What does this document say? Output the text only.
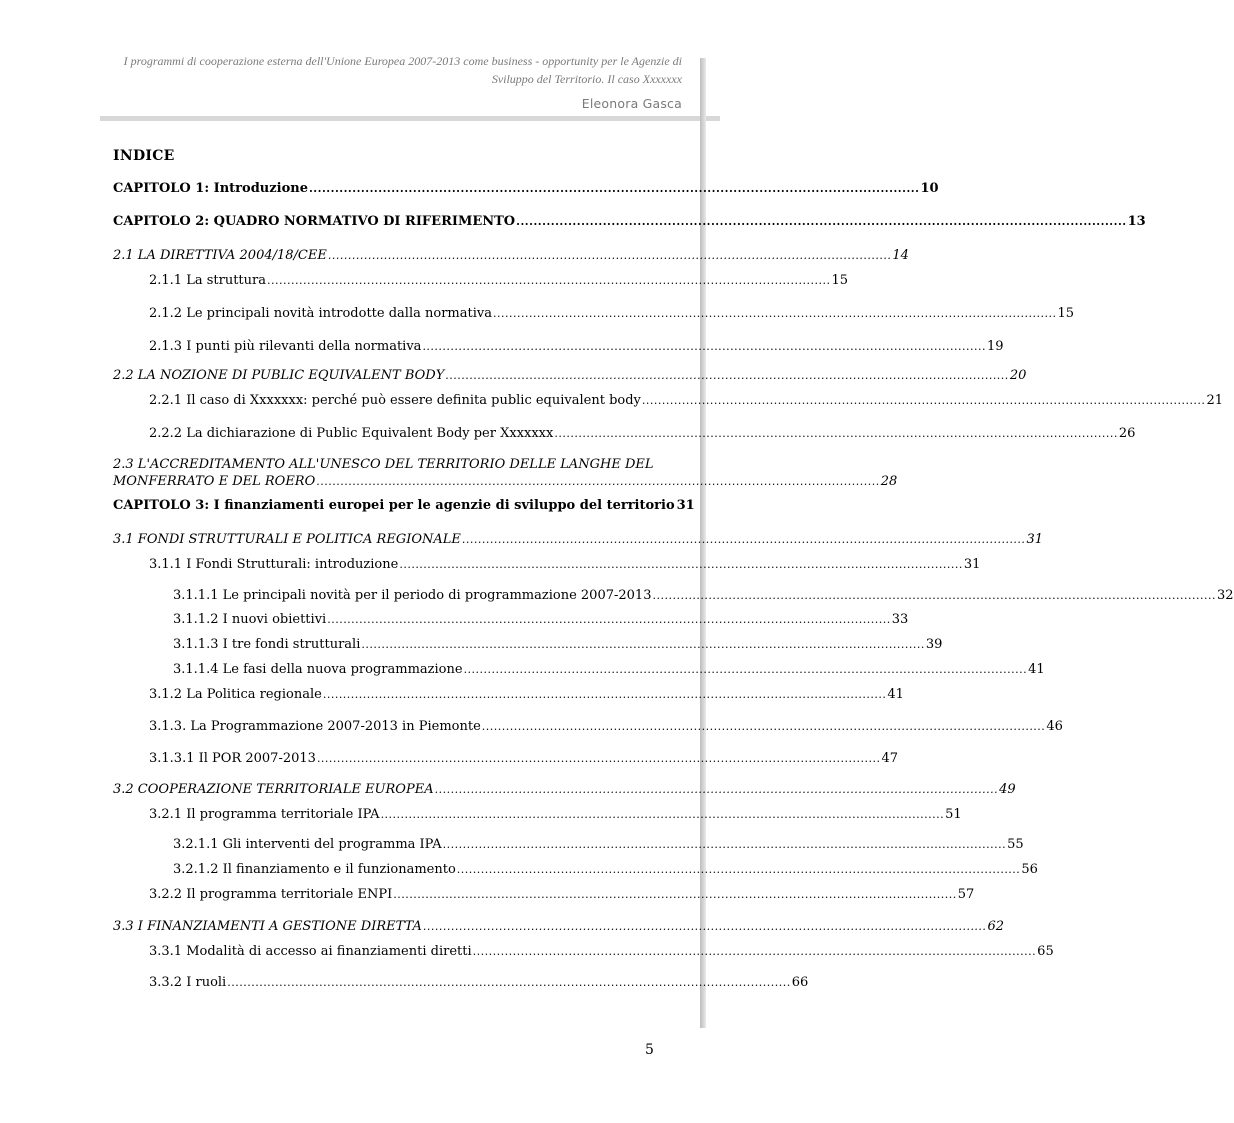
I programmi di cooperazione esterna dell'Unione Europea 2007-2013 come business - opportunity per le Agenzie di
Sviluppo del Territorio. Il caso Xxxxxxx
Eleonora Gasca
INDICE
CAPITOLO 1: Introduzione ............................................................................................................................................. 10
CAPITOLO 2: QUADRO NORMATIVO DI RIFERIMENTO ............................................................................................................................................. 13
2.1 LA DIRETTIVA 2004/18/CEE ............................................................................................................................................. 14
2.1.1 La struttura ............................................................................................................................................. 15
2.1.2 Le principali novità introdotte dalla normativa ............................................................................................................................................. 15
2.1.3 I punti più rilevanti della normativa ............................................................................................................................................. 19
2.2 LA NOZIONE DI PUBLIC EQUIVALENT BODY ............................................................................................................................................. 20
2.2.1 Il caso di Xxxxxxx: perché può essere definita public equivalent body ............................................................................................................................................. 21
2.2.2 La dichiarazione di Public Equivalent Body per Xxxxxxx ............................................................................................................................................. 26
2.3 L'ACCREDITAMENTO ALL'UNESCO DEL TERRITORIO DELLE LANGHE DEL
MONFERRATO E DEL ROERO ............................................................................................................................................. 28
CAPITOLO 3: I finanziamenti europei per le agenzie di sviluppo del territorio 31
3.1 FONDI STRUTTURALI E POLITICA REGIONALE ............................................................................................................................................. 31
3.1.1 I Fondi Strutturali: introduzione ............................................................................................................................................. 31
3.1.1.1 Le principali novità per il periodo di programmazione 2007-2013 ............................................................................................................................................. 32
3.1.1.2 I nuovi obiettivi ............................................................................................................................................. 33
3.1.1.3 I tre fondi strutturali ............................................................................................................................................. 39
3.1.1.4 Le fasi della nuova programmazione ............................................................................................................................................. 41
3.1.2 La Politica regionale ............................................................................................................................................. 41
3.1.3. La Programmazione 2007-2013 in Piemonte ............................................................................................................................................. 46
3.1.3.1 Il POR 2007-2013 ............................................................................................................................................. 47
3.2 COOPERAZIONE TERRITORIALE EUROPEA ............................................................................................................................................. 49
3.2.1 Il programma territoriale IPA ............................................................................................................................................. 51
3.2.1.1 Gli interventi del programma IPA ............................................................................................................................................. 55
3.2.1.2 Il finanziamento e il funzionamento ............................................................................................................................................. 56
3.2.2 Il programma territoriale ENPI ............................................................................................................................................. 57
3.3 I FINANZIAMENTI A GESTIONE DIRETTA ............................................................................................................................................. 62
3.3.1 Modalità di accesso ai finanziamenti diretti ............................................................................................................................................. 65
3.3.2 I ruoli ............................................................................................................................................. 66
5
